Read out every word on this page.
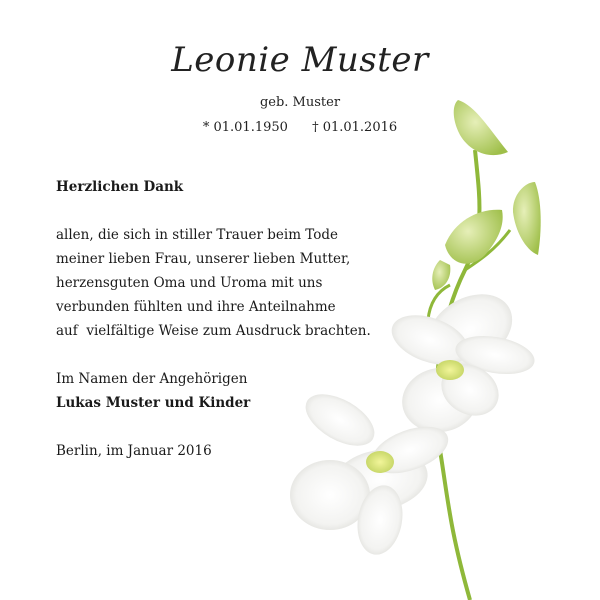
Leonie Muster
geb. Muster
* 01.01.1950 † 01.01.2016
Herzlichen Dank
allen, die sich in stiller Trauer beim Tode
meiner lieben Frau, unserer lieben Mutter,
herzensguten Oma und Uroma mit uns
verbunden fühlten und ihre Anteilnahme
auf  vielfältige Weise zum Ausdruck brachten.
Im Namen der Angehörigen
Lukas Muster und Kinder
Berlin, im Januar 2016
